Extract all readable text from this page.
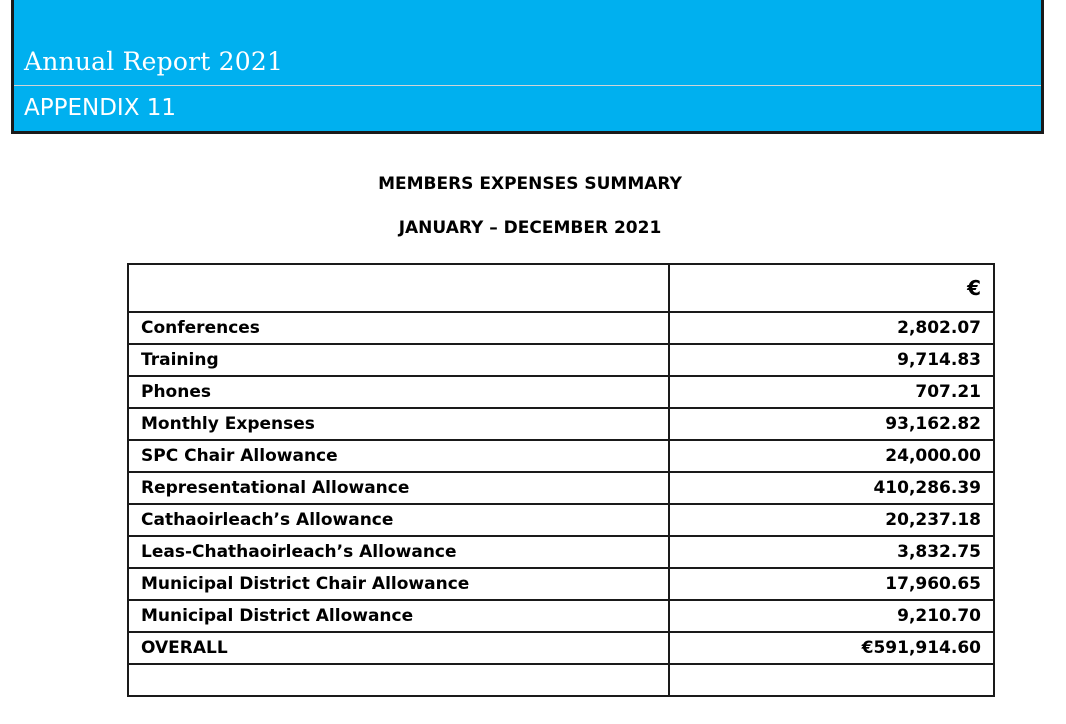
Annual Report 2021
APPENDIX 11
MEMBERS EXPENSES SUMMARY
JANUARY – DECEMBER 2021
	€
Conferences	2,802.07
Training	9,714.83
Phones	707.21
Monthly Expenses	93,162.82
SPC Chair Allowance	24,000.00
Representational Allowance	410,286.39
Cathaoirleach’s Allowance	20,237.18
Leas-Chathaoirleach’s Allowance	3,832.75
Municipal District Chair Allowance	17,960.65
Municipal District Allowance	9,210.70
OVERALL	€591,914.60
